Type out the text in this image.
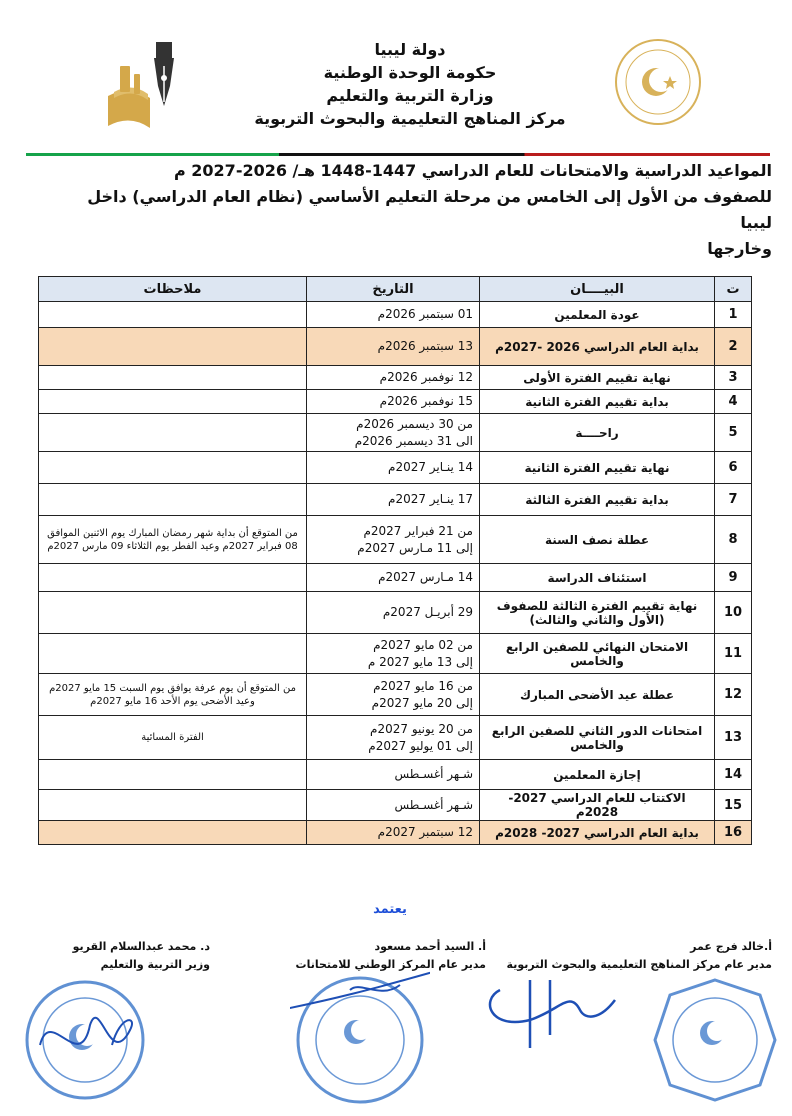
دولة ليبيا
حكومة الوحدة الوطنية
وزارة التربية والتعليم
مركز المناهج التعليمية والبحوث التربوية
المواعيد الدراسية والامتحانات للعام الدراسي 1447-1448 هـ/ 2026-2027 م
للصفوف من الأول إلى الخامس من مرحلة التعليم الأساسي (نظام العام الدراسي) داخل ليبيا
وخارجها
ت	البيــــان	التاريخ	ملاحظات
1	عودة المعلمين	01 سبتمبر 2026م	

2	بداية العام الدراسي 2026 -2027م	13 سبتمبر 2026م	

3	نهاية تقييم الفترة الأولى	12 نوفمبر 2026م	

4	بداية تقييم الفترة الثانية	15 نوفمبر 2026م	

5	راحــــة	من 30 ديسمبر 2026م
الى 31 ديسمبر 2026م	

6	نهاية تقييم الفترة الثانية	14 ينـاير 2027م	

7	بداية تقييم الفترة الثالثة	17 ينـاير 2027م	

8	عطلة نصف السنة	من 21 فبراير 2027م
إلى 11 مـارس 2027م	من المتوقع أن بداية شهر رمضان المبارك يوم الاثنين الموافق 08 فبراير 2027م وعيد الفطر يوم الثلاثاء 09 مارس 2027م
9	استئناف الدراسة	14 مـارس 2027م	

10	نهاية تقييم الفترة الثالثة للصفوف (الأول والثاني والثالث)	29 أبريـل 2027م	

11	الامتحان النهائي للصفين الرابع والخامس	من 02 مايو 2027م
إلى 13 مايو 2027 م	

12	عطلة عيد الأضحى المبارك	من 16 مايو 2027م
إلى 20 مايو 2027م	من المتوقع أن يوم عرفة يوافق يوم السبت 15 مايو 2027م وعيد الأضحى يوم الأحد 16 مايو 2027م
13	امتحانات الدور الثاني للصفين الرابع والخامس	من 20 يونيو 2027م
إلى 01 يوليو 2027م	الفترة المسائية
14	إجازة المعلمين	شـهر أغسـطس	

15	الاكتتاب للعام الدراسي 2027- 2028م	شـهر أغسـطس	

16	بداية العام الدراسي 2027- 2028م	12 سبتمبر 2027م	

يعتمد
د. محمد عبدالسلام القريو
وزير التربية والتعليم
أ. السيد أحمد مسعود
مدير عام المركز الوطني للامتحانات
أ.خالد فرج عمر
مدير عام مركز المناهج التعليمية والبحوث التربوية
